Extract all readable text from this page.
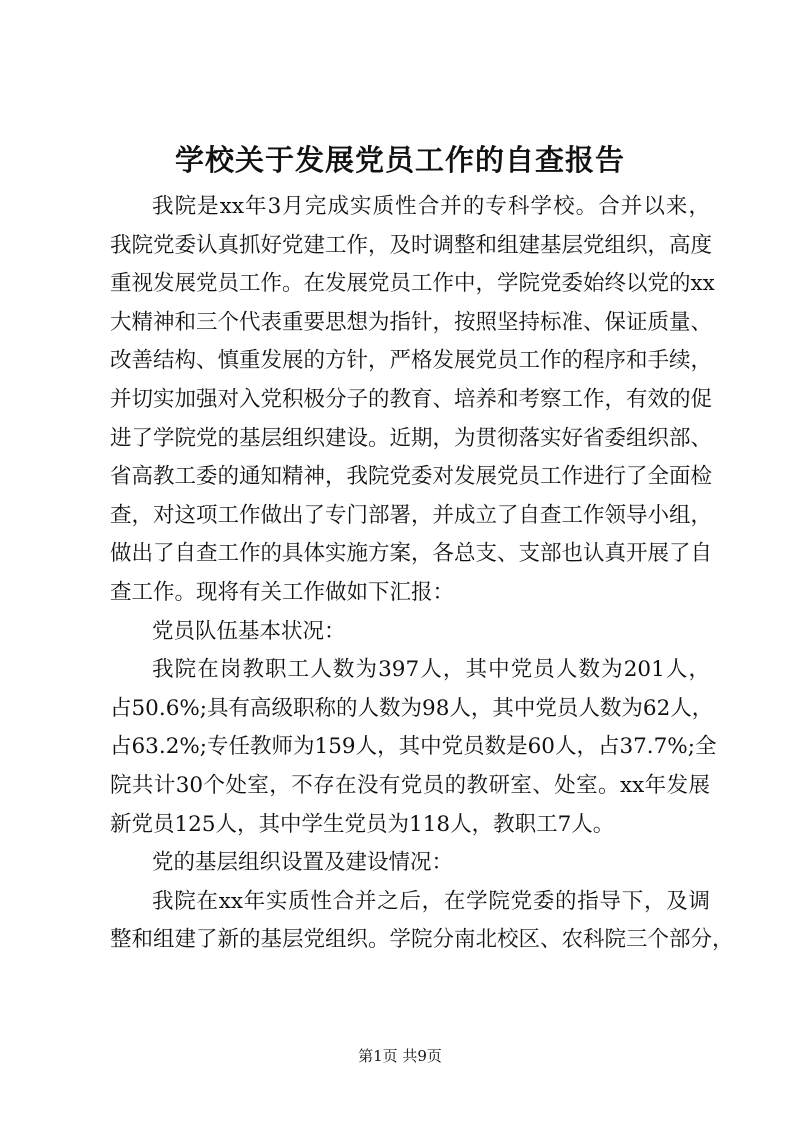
学校关于发展党员工作的自查报告
我院是xx年3月完成实质性合并的专科学校。合并以来，
我院党委认真抓好党建工作，及时调整和组建基层党组织，高度
重视发展党员工作。在发展党员工作中，学院党委始终以党的xx
大精神和三个代表重要思想为指针，按照坚持标准、保证质量、
改善结构、慎重发展的方针，严格发展党员工作的程序和手续，
并切实加强对入党积极分子的教育、培养和考察工作，有效的促
进了学院党的基层组织建设。近期，为贯彻落实好省委组织部、
省高教工委的通知精神，我院党委对发展党员工作进行了全面检
查，对这项工作做出了专门部署，并成立了自查工作领导小组，
做出了自查工作的具体实施方案，各总支、支部也认真开展了自
查工作。现将有关工作做如下汇报：
党员队伍基本状况：
我院在岗教职工人数为397人，其中党员人数为201人，
占50.6%;具有高级职称的人数为98人，其中党员人数为62人，
占63.2%;专任教师为159人，其中党员数是60人，占37.7%;全
院共计30个处室，不存在没有党员的教研室、处室。xx年发展
新党员125人，其中学生党员为118人，教职工7人。
党的基层组织设置及建设情况：
我院在xx年实质性合并之后，在学院党委的指导下，及调
整和组建了新的基层党组织。学院分南北校区、农科院三个部分，
第1页 共9页
